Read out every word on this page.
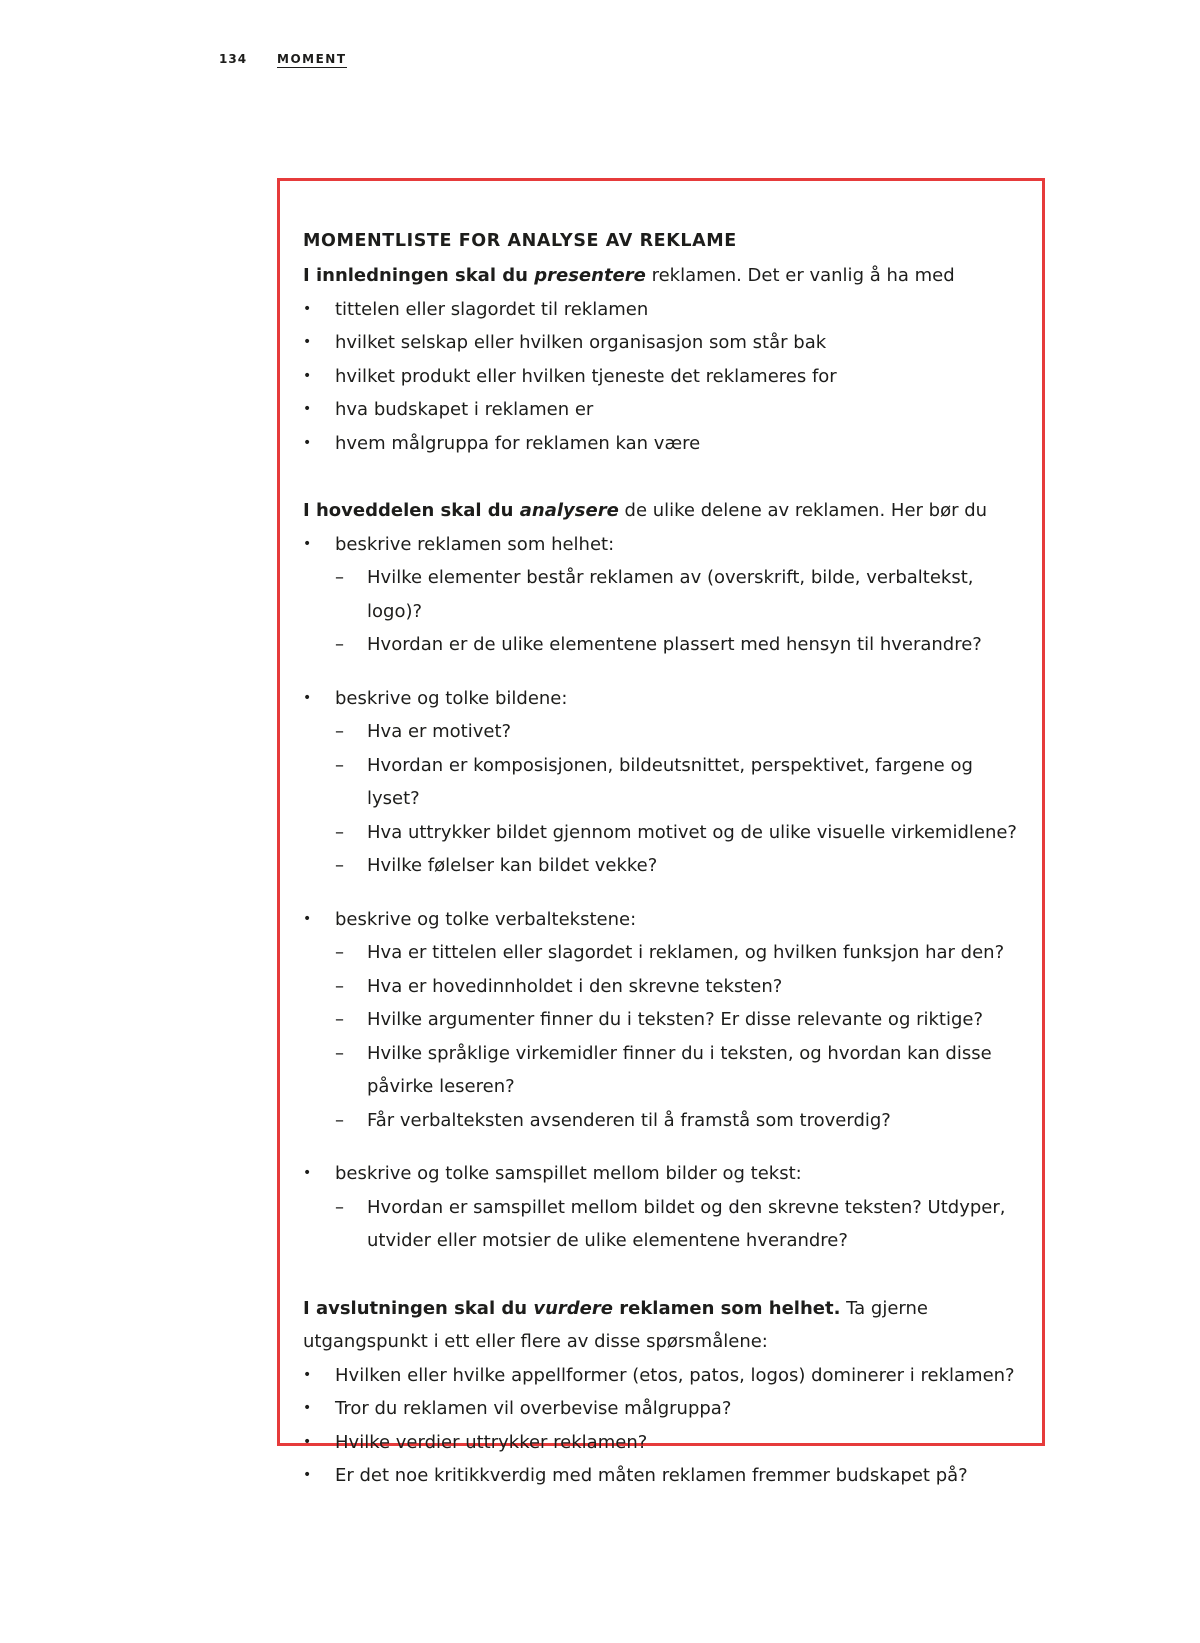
134	MOMENT
MOMENTLISTE FOR ANALYSE AV REKLAME

I innledningen skal du presentere reklamen. Det er vanlig å ha med

• tittelen eller slagordet til reklamen
• hvilket selskap eller hvilken organisasjon som står bak
• hvilket produkt eller hvilken tjeneste det reklameres for
• hva budskapet i reklamen er
• hvem målgruppa for reklamen kan være

I hoveddelen skal du analysere de ulike delene av reklamen. Her bør du

• beskrive reklamen som helhet:
– Hvilke elementer består reklamen av (overskrift, bilde, verbaltekst, logo)?
– Hvordan er de ulike elementene plassert med hensyn til hverandre?
• beskrive og tolke bildene:
– Hva er motivet?
– Hvordan er komposisjonen, bildeutsnittet, perspektivet, fargene og lyset?
– Hva uttrykker bildet gjennom motivet og de ulike visuelle virkemidlene?
– Hvilke følelser kan bildet vekke?
• beskrive og tolke verbaltekstene:
– Hva er tittelen eller slagordet i reklamen, og hvilken funksjon har den?
– Hva er hovedinnholdet i den skrevne teksten?
– Hvilke argumenter finner du i teksten? Er disse relevante og riktige?
– Hvilke språklige virkemidler finner du i teksten, og hvordan kan disse påvirke leseren?
– Får verbalteksten avsenderen til å framstå som troverdig?
• beskrive og tolke samspillet mellom bilder og tekst:
– Hvordan er samspillet mellom bildet og den skrevne teksten? Utdyper, utvider eller motsier de ulike elementene hverandre?

I avslutningen skal du vurdere reklamen som helhet. Ta gjerne utgangspunkt i ett eller flere av disse spørsmålene:

• Hvilken eller hvilke appellformer (etos, patos, logos) dominerer i reklamen?
• Tror du reklamen vil overbevise målgruppa?
• Hvilke verdier uttrykker reklamen?
• Er det noe kritikkverdig med måten reklamen fremmer budskapet på?
